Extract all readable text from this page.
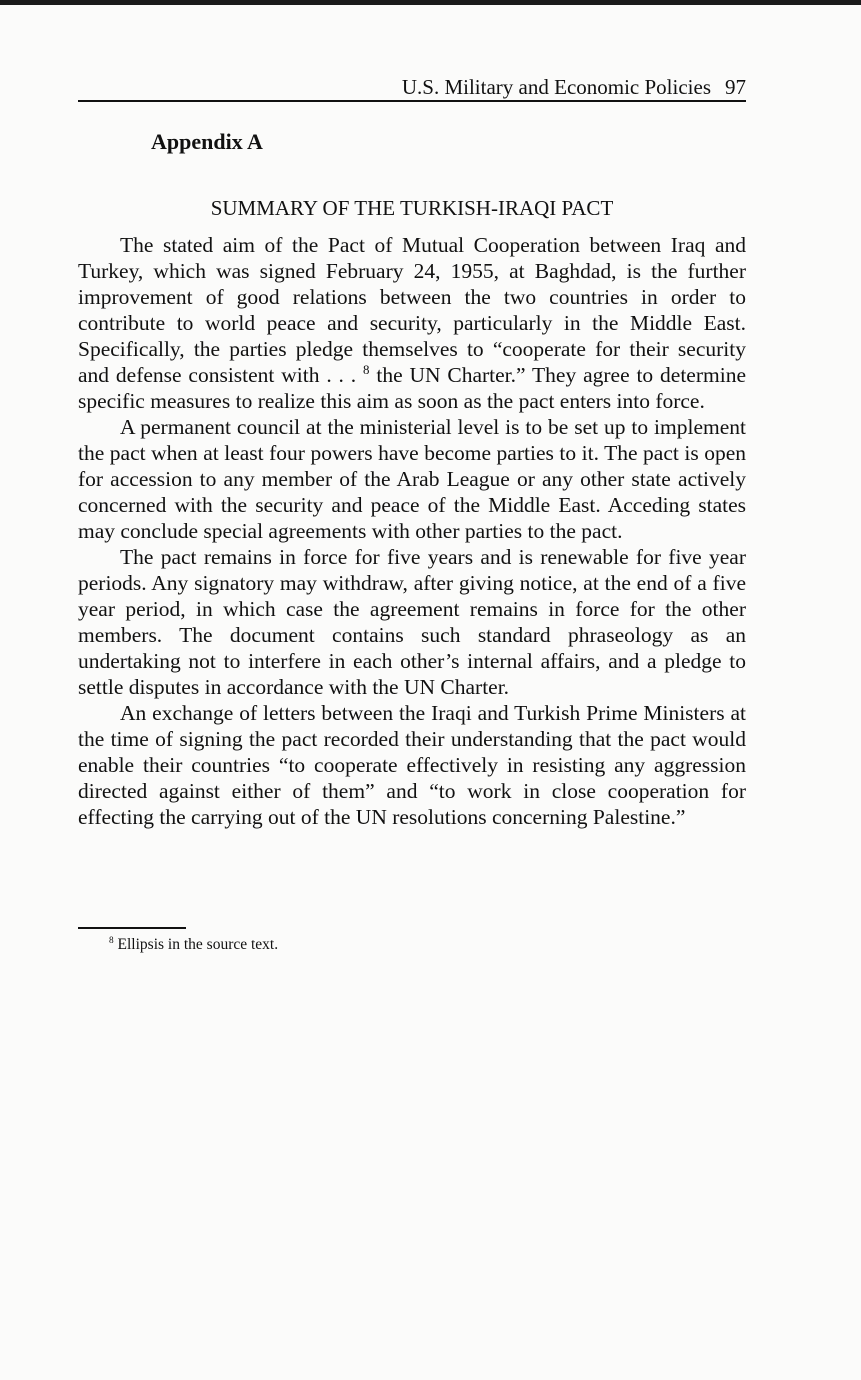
U.S. Military and Economic Policies 97
Appendix A
SUMMARY OF THE TURKISH-IRAQI PACT

The stated aim of the Pact of Mutual Cooperation between Iraq and Turkey, which was signed February 24, 1955, at Baghdad, is the further improvement of good relations between the two countries in order to contribute to world peace and security, particularly in the Middle East. Specifically, the parties pledge themselves to “cooperate for their security and defense consistent with . . . $^8$ the UN Charter.” They agree to determine specific measures to realize this aim as soon as the pact enters into force.

A permanent council at the ministerial level is to be set up to implement the pact when at least four powers have become parties to it. The pact is open for accession to any member of the Arab League or any other state actively concerned with the security and peace of the Middle East. Acceding states may conclude special agreements with other parties to the pact.

The pact remains in force for five years and is renewable for five year periods. Any signatory may withdraw, after giving notice, at the end of a five year period, in which case the agreement remains in force for the other members. The document contains such standard phraseology as an undertaking not to interfere in each other’s internal affairs, and a pledge to settle disputes in accordance with the UN Charter.

An exchange of letters between the Iraqi and Turkish Prime Ministers at the time of signing the pact recorded their understanding that the pact would enable their countries “to cooperate effectively in resisting any aggression directed against either of them” and “to work in close cooperation for effecting the carrying out of the UN resolutions concerning Palestine.”

$^8$ Ellipsis in the source text.
